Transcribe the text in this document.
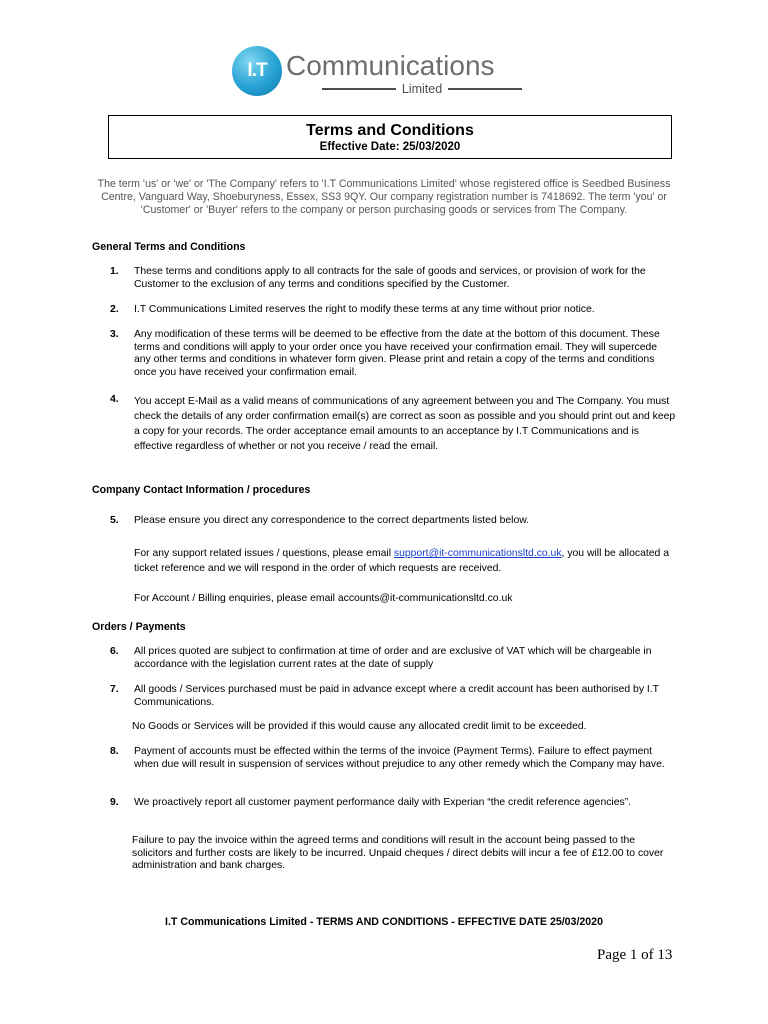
I.T Communications
Limited
Terms and Conditions
Effective Date: 25/03/2020
The term 'us' or 'we' or 'The Company' refers to 'I.T Communications Limited' whose registered office is Seedbed Business Centre, Vanguard Way, Shoeburyness, Essex, SS3 9QY. Our company registration number is 7418692. The term 'you' or 'Customer' or 'Buyer' refers to the company or person purchasing goods or services from The Company.
General Terms and Conditions
1. These terms and conditions apply to all contracts for the sale of goods and services, or provision of work for the Customer to the exclusion of any terms and conditions specified by the Customer.
2. I.T Communications Limited reserves the right to modify these terms at any time without prior notice.
3. Any modification of these terms will be deemed to be effective from the date at the bottom of this document. These terms and conditions will apply to your order once you have received your confirmation email. They will supercede any other terms and conditions in whatever form given. Please print and retain a copy of the terms and conditions once you have received your confirmation email.
4. You accept E-Mail as a valid means of communications of any agreement between you and The Company. You must check the details of any order confirmation email(s) are correct as soon as possible and you should print out and keep a copy for your records. The order acceptance email amounts to an acceptance by I.T Communications and is effective regardless of whether or not you receive / read the email.
Company Contact Information / procedures
5. Please ensure you direct any correspondence to the correct departments listed below.
For any support related issues / questions, please email support@it-communicationsltd.co.uk, you will be allocated a ticket reference and we will respond in the order of which requests are received.
For Account / Billing enquiries, please email accounts@it-communicationsltd.co.uk
Orders / Payments
6. All prices quoted are subject to confirmation at time of order and are exclusive of VAT which will be chargeable in accordance with the legislation current rates at the date of supply
7. All goods / Services purchased must be paid in advance except where a credit account has been authorised by I.T Communications.
No Goods or Services will be provided if this would cause any allocated credit limit to be exceeded.
8. Payment of accounts must be effected within the terms of the invoice (Payment Terms). Failure to effect payment when due will result in suspension of services without prejudice to any other remedy which the Company may have.
9. We proactively report all customer payment performance daily with Experian “the credit reference agencies”.
Failure to pay the invoice within the agreed terms and conditions will result in the account being passed to the solicitors and further costs are likely to be incurred. Unpaid cheques / direct debits will incur a fee of £12.00 to cover administration and bank charges.
I.T Communications Limited - TERMS AND CONDITIONS - EFFECTIVE DATE 25/03/2020
Page 1 of 13
